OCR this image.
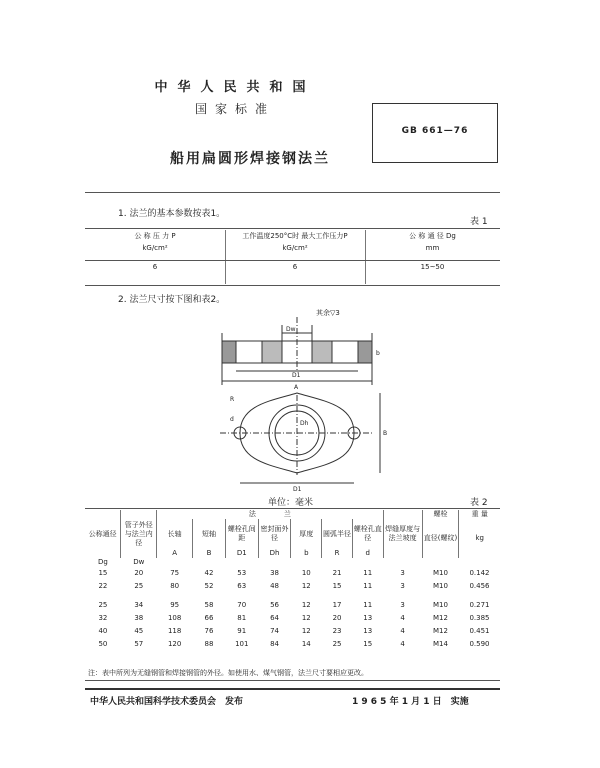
中华人民共和国
国家标准
GB 661—76
船用扁圆形焊接钢法兰
1. 法兰的基本参数按表1。
表 1
公 称 压 力 P	工作温度250°C时 最大工作压力P	公 称 通 径 Dg
kG/cm²	kG/cm²	mm
6	6	15~50
2. 法兰尺寸按下图和表2。
其余▽3
Dw
D1
A
b
B
D1
Dh
R
d
单位：毫米	表 2
公称通径	管子外径与法兰内径	法　　　　兰							焊缝厚度与法兰坡度	螺栓	重 量
		长轴	短轴	螺栓孔间距	密封面外径	厚度	圆弧半径	螺栓孔直径		直径(螺纹)	kg
		A	B	D1	Dh	b	R	d			
Dg	Dw										
15	20	75	42	53	38	10	21	11	3	M10	0.142
22	25	80	52	63	48	12	15	11	3	M10	0.456
25	34	95	58	70	56	12	17	11	3	M10	0.271
32	38	108	66	81	64	12	20	13	4	M12	0.385
40	45	118	76	91	74	12	23	13	4	M12	0.451
50	57	120	88	101	84	14	25	15	4	M14	0.590
注：表中所列为无缝钢管和焊接钢管的外径。如使用水、煤气钢管，法兰尺寸要相应更改。
中华人民共和国科学技术委员会　发布	1 9 6 5 年 1 月 1 日　实施
